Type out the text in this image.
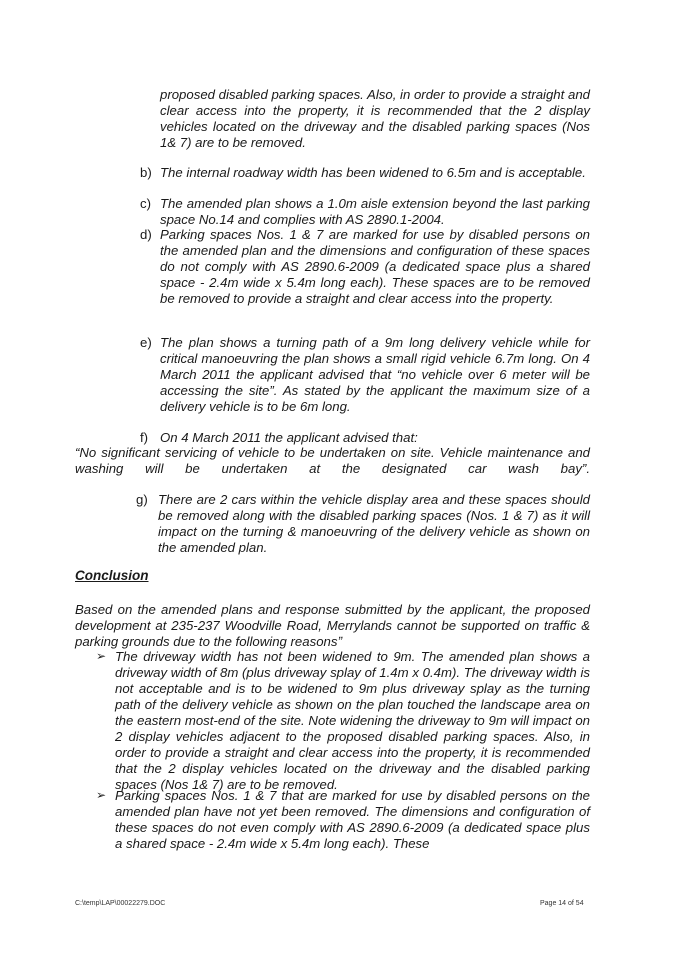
proposed disabled parking spaces. Also, in order to provide a straight and clear access into the property, it is recommended that the 2 display vehicles located on the driveway and the disabled parking spaces (Nos 1& 7) are to be removed.
b) The internal roadway width has been widened to 6.5m and is acceptable.
c) The amended plan shows a 1.0m aisle extension beyond the last parking space No.14 and complies with AS 2890.1-2004.
d) Parking spaces Nos. 1 & 7 are marked for use by disabled persons on the amended plan and the dimensions and configuration of these spaces do not comply with AS 2890.6-2009 (a dedicated space plus a shared space - 2.4m wide x 5.4m long each). These spaces are to be removed be removed to provide a straight and clear access into the property.
e) The plan shows a turning path of a 9m long delivery vehicle while for critical manoeuvring the plan shows a small rigid vehicle 6.7m long. On 4 March 2011 the applicant advised that “no vehicle over 6 meter will be accessing the site”. As stated by the applicant the maximum size of a delivery vehicle is to be 6m long.
f) On 4 March 2011 the applicant advised that:
“No significant servicing of vehicle to be undertaken on site. Vehicle maintenance and washing will be undertaken at the designated car wash bay”.
g) There are 2 cars within the vehicle display area and these spaces should be removed along with the disabled parking spaces (Nos. 1 & 7) as it will impact on the turning & manoeuvring of the delivery vehicle as shown on the amended plan.
Conclusion
Based on the amended plans and response submitted by the applicant, the proposed development at 235-237 Woodville Road, Merrylands cannot be supported on traffic & parking grounds due to the following reasonsˮ
➢ The driveway width has not been widened to 9m. The amended plan shows a driveway width of 8m (plus driveway splay of 1.4m x 0.4m). The driveway width is not acceptable and is to be widened to 9m plus driveway splay as the turning path of the delivery vehicle as shown on the plan touched the landscape area on the eastern most-end of the site. Note widening the driveway to 9m will impact on 2 display vehicles adjacent to the proposed disabled parking spaces. Also, in order to provide a straight and clear access into the property, it is recommended that the 2 display vehicles located on the driveway and the disabled parking spaces (Nos 1& 7) are to be removed.
➢ Parking spaces Nos. 1 & 7 that are marked for use by disabled persons on the amended plan have not yet been removed. The dimensions and configuration of these spaces do not even comply with AS 2890.6-2009 (a dedicated space plus a shared space - 2.4m wide x 5.4m long each). These
C:\temp\LAP\00022279.DOC	Page 14 of 54
